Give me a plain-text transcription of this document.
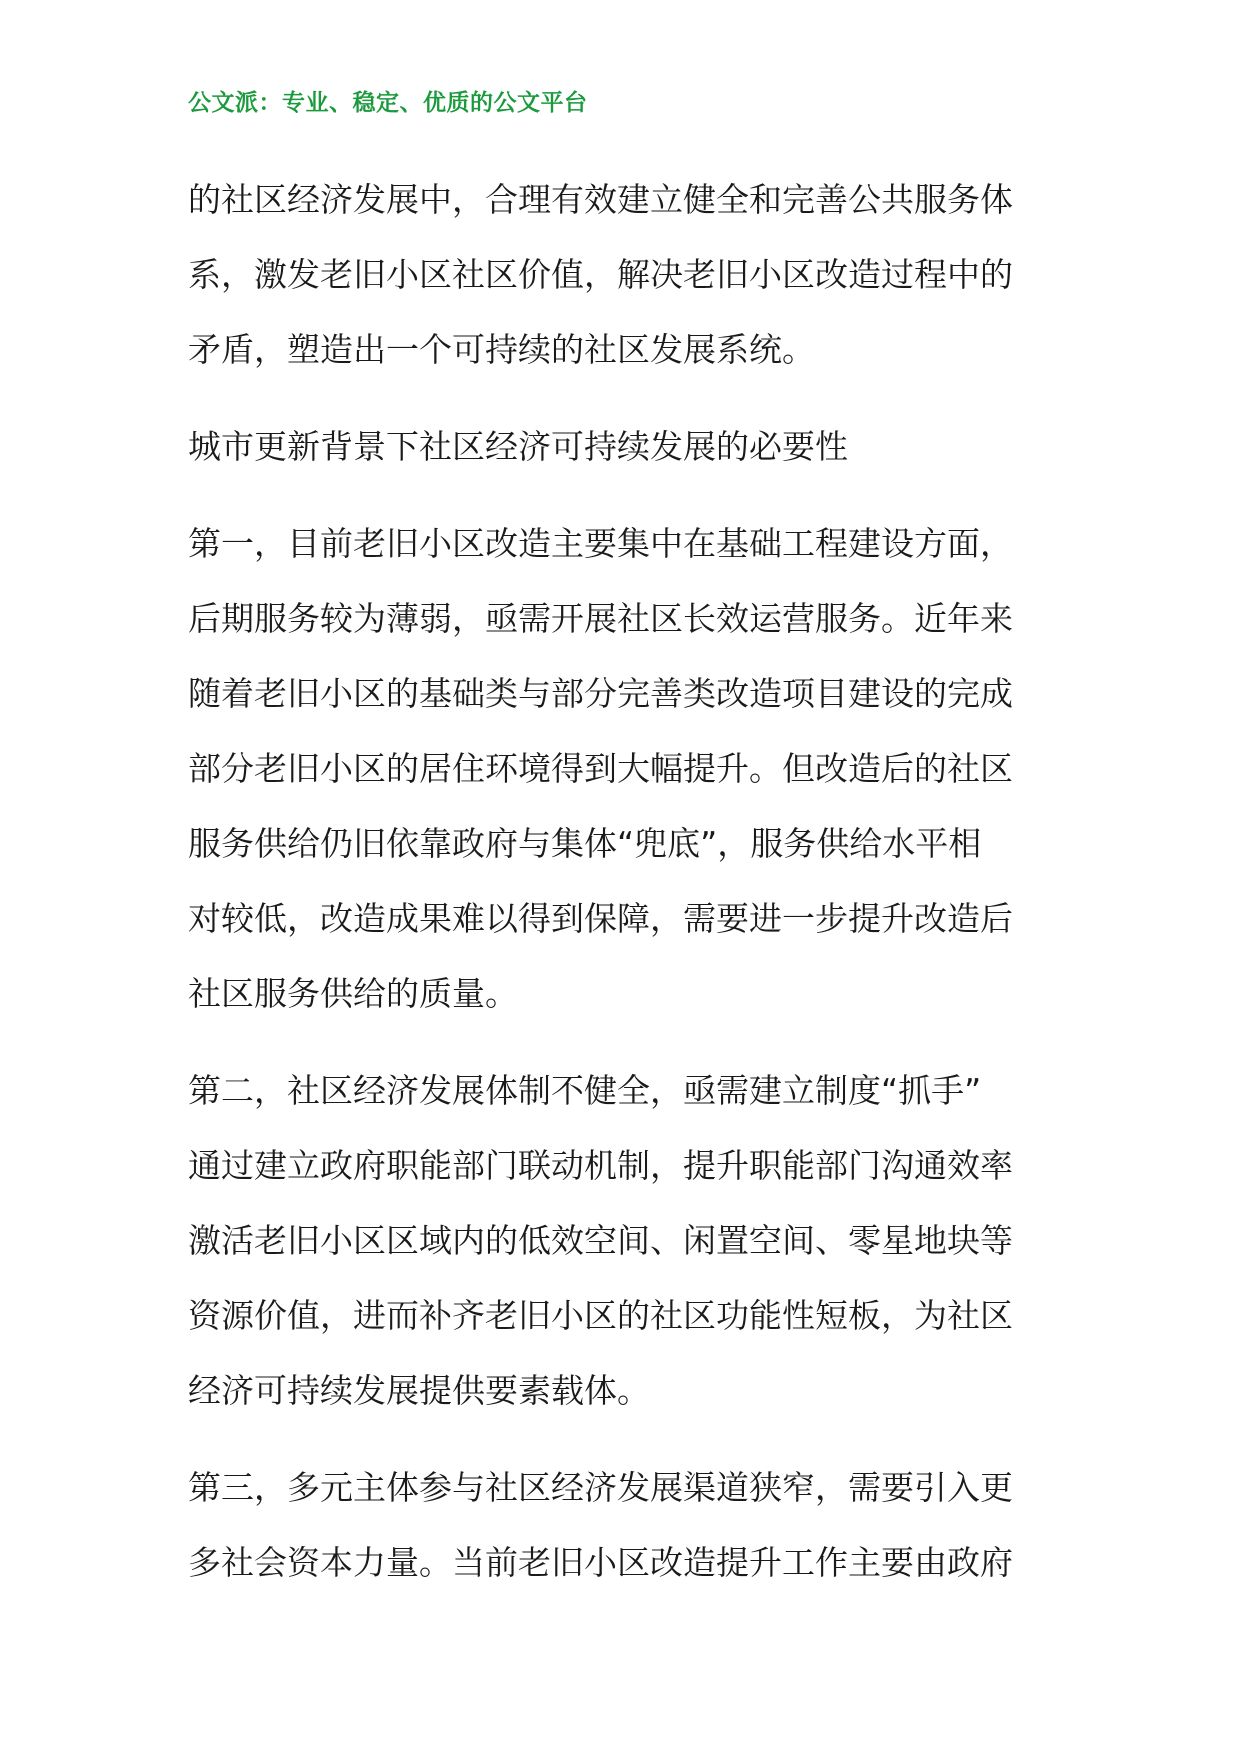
公文派：专业、稳定、优质的公文平台
的社区经济发展中，合理有效建立健全和完善公共服务体
系，激发老旧小区社区价值，解决老旧小区改造过程中的
矛盾，塑造出一个可持续的社区发展系统。
城市更新背景下社区经济可持续发展的必要性
第一，目前老旧小区改造主要集中在基础工程建设方面，
后期服务较为薄弱，亟需开展社区长效运营服务。近年来
随着老旧小区的基础类与部分完善类改造项目建设的完成
部分老旧小区的居住环境得到大幅提升。但改造后的社区
服务供给仍旧依靠政府与集体“兜底”，服务供给水平相
对较低，改造成果难以得到保障，需要进一步提升改造后
社区服务供给的质量。
第二，社区经济发展体制不健全，亟需建立制度“抓手”
通过建立政府职能部门联动机制，提升职能部门沟通效率
激活老旧小区区域内的低效空间、闲置空间、零星地块等
资源价值，进而补齐老旧小区的社区功能性短板，为社区
经济可持续发展提供要素载体。
第三，多元主体参与社区经济发展渠道狭窄，需要引入更
多社会资本力量。当前老旧小区改造提升工作主要由政府
